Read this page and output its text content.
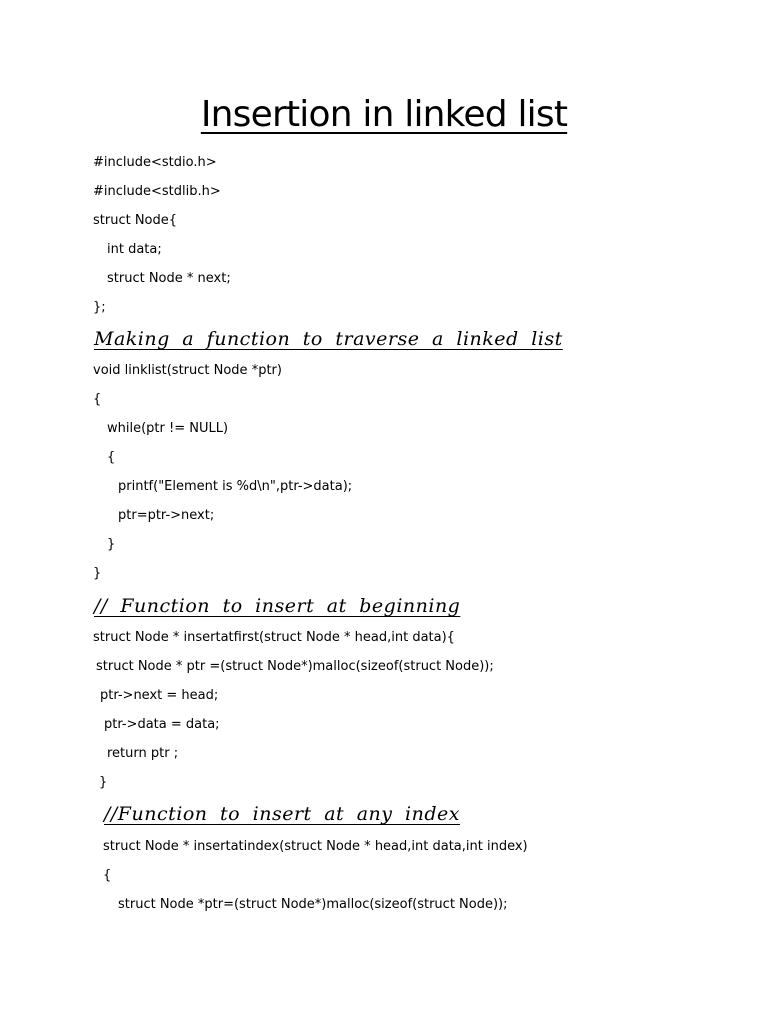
Insertion in linked list
#include<stdio.h>
#include<stdlib.h>
struct Node{
int data;
struct Node * next;
};
Making a function to traverse a linked list
void linklist(struct Node *ptr)
{
while(ptr != NULL)
{
printf("Element is %d\n",ptr->data);
ptr=ptr->next;
}
}
// Function to insert at beginning
struct Node * insertatfirst(struct Node * head,int data){
struct Node * ptr =(struct Node*)malloc(sizeof(struct Node));
ptr->next = head;
ptr->data = data;
return ptr ;
}
//Function to insert at any index
struct Node * insertatindex(struct Node * head,int data,int index)
{
struct Node *ptr=(struct Node*)malloc(sizeof(struct Node));
